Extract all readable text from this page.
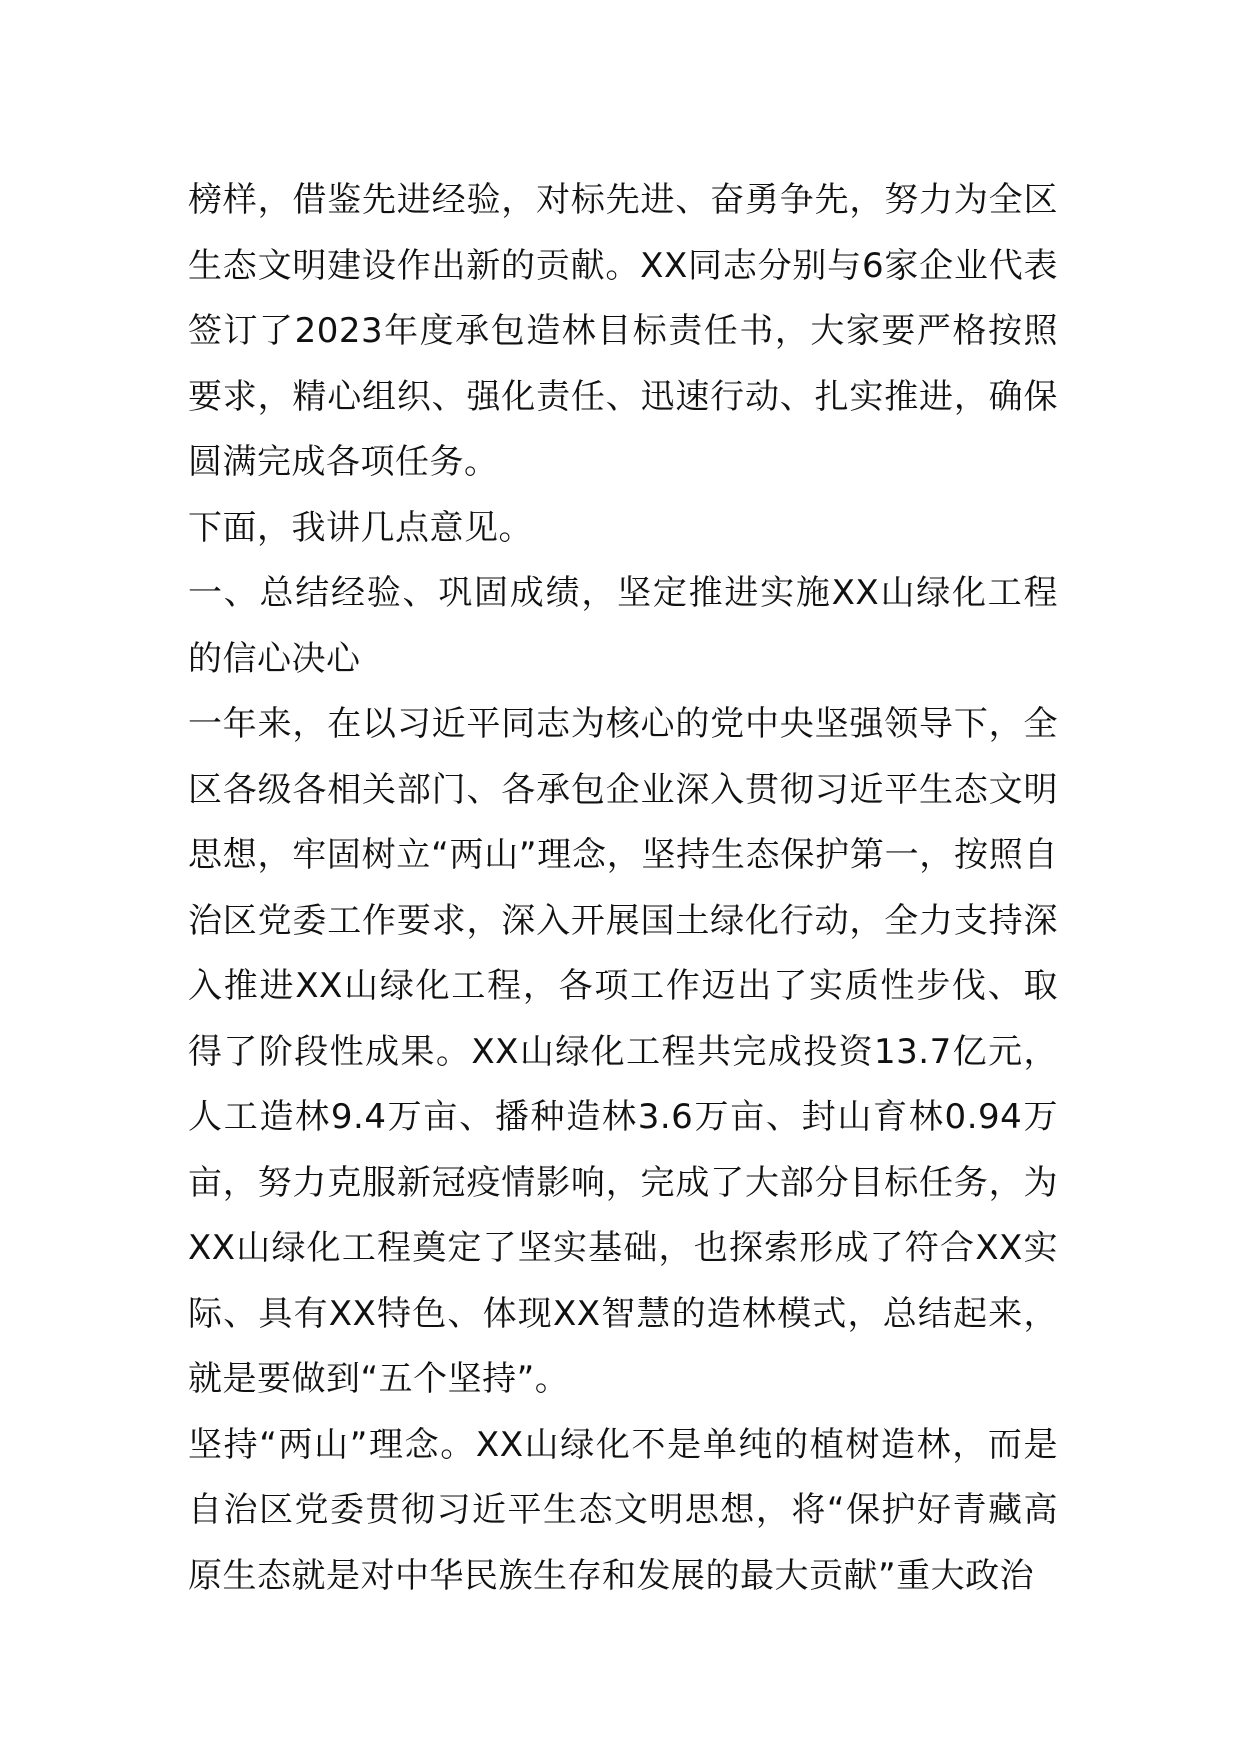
榜样，借鉴先进经验，对标先进、奋勇争先，努力为全区生态文明建设作出新的贡献。XX同志分别与6家企业代表签订了2023年度承包造林目标责任书，大家要严格按照要求，精心组织、强化责任、迅速行动、扎实推进，确保圆满完成各项任务。

下面，我讲几点意见。

一、总结经验、巩固成绩，坚定推进实施XX山绿化工程的信心决心

一年来，在以习近平同志为核心的党中央坚强领导下，全区各级各相关部门、各承包企业深入贯彻习近平生态文明思想，牢固树立“两山”理念，坚持生态保护第一，按照自治区党委工作要求，深入开展国土绿化行动，全力支持深入推进XX山绿化工程，各项工作迈出了实质性步伐、取得了阶段性成果。XX山绿化工程共完成投资13.7亿元，人工造林9.4万亩、播种造林3.6万亩、封山育林0.94万亩，努力克服新冠疫情影响，完成了大部分目标任务，为XX山绿化工程奠定了坚实基础，也探索形成了符合XX实际、具有XX特色、体现XX智慧的造林模式，总结起来，就是要做到“五个坚持”。

坚持“两山”理念。XX山绿化不是单纯的植树造林，而是自治区党委贯彻习近平生态文明思想，将“保护好青藏高原生态就是对中华民族生存和发展的最大贡献”重大政治
